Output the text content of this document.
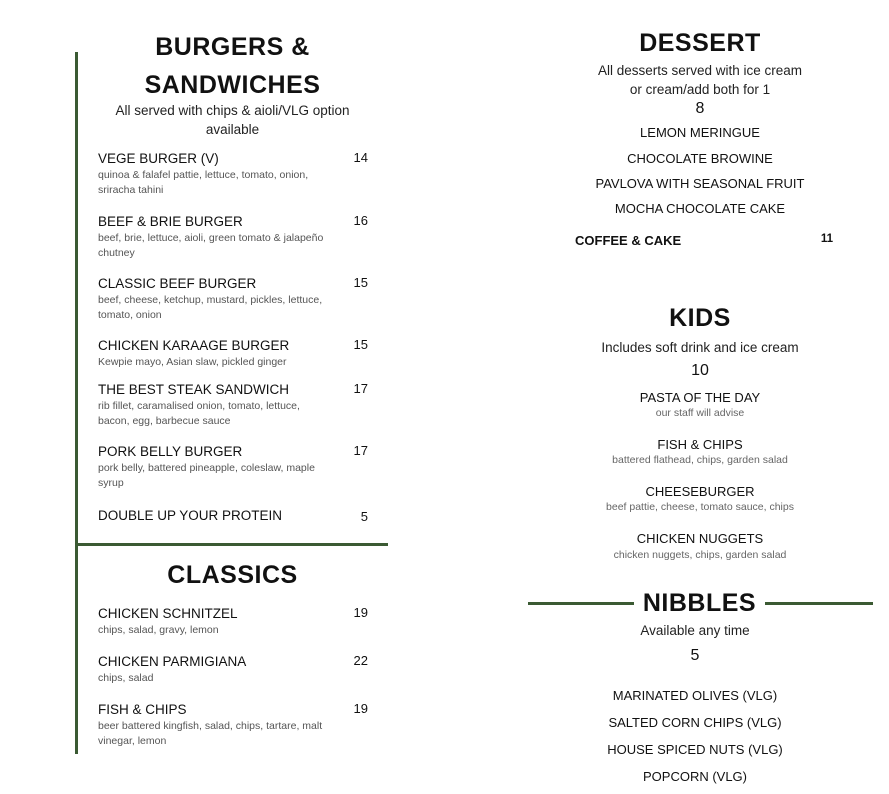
BURGERS &
SANDWICHES
All served with chips & aioli/VLG option
available
VEGE BURGER (V)
quinoa & falafel pattie, lettuce, tomato, onion,
sriracha tahini
14
BEEF & BRIE BURGER
beef, brie, lettuce, aioli, green tomato & jalapeño
chutney
16
CLASSIC BEEF BURGER
beef, cheese, ketchup, mustard, pickles, lettuce,
tomato, onion
15
CHICKEN KARAAGE BURGER
Kewpie mayo, Asian slaw, pickled ginger
15
THE BEST STEAK SANDWICH
rib fillet, caramalised onion, tomato, lettuce,
bacon, egg, barbecue sauce
17
PORK BELLY BURGER
pork belly, battered pineapple, coleslaw, maple
syrup
17
DOUBLE UP YOUR PROTEIN	5
CLASSICS
CHICKEN SCHNITZEL
chips, salad, gravy, lemon
19
CHICKEN PARMIGIANA
chips, salad
22
FISH & CHIPS
beer battered kingfish, salad, chips, tartare, malt
vinegar, lemon
19
DESSERT
All desserts served with ice cream
or cream/add both for 1
8
LEMON MERINGUE
CHOCOLATE BROWINE
PAVLOVA WITH SEASONAL FRUIT
MOCHA CHOCOLATE CAKE
COFFEE & CAKE	11
KIDS
Includes soft drink and ice cream
10
PASTA OF THE DAY
our staff will advise
FISH & CHIPS
battered flathead, chips, garden salad
CHEESEBURGER
beef pattie, cheese, tomato sauce, chips
CHICKEN NUGGETS
chicken nuggets, chips, garden salad
NIBBLES
Available any time
5
MARINATED OLIVES (VLG)
SALTED CORN CHIPS (VLG)
HOUSE SPICED NUTS (VLG)
POPCORN (VLG)
